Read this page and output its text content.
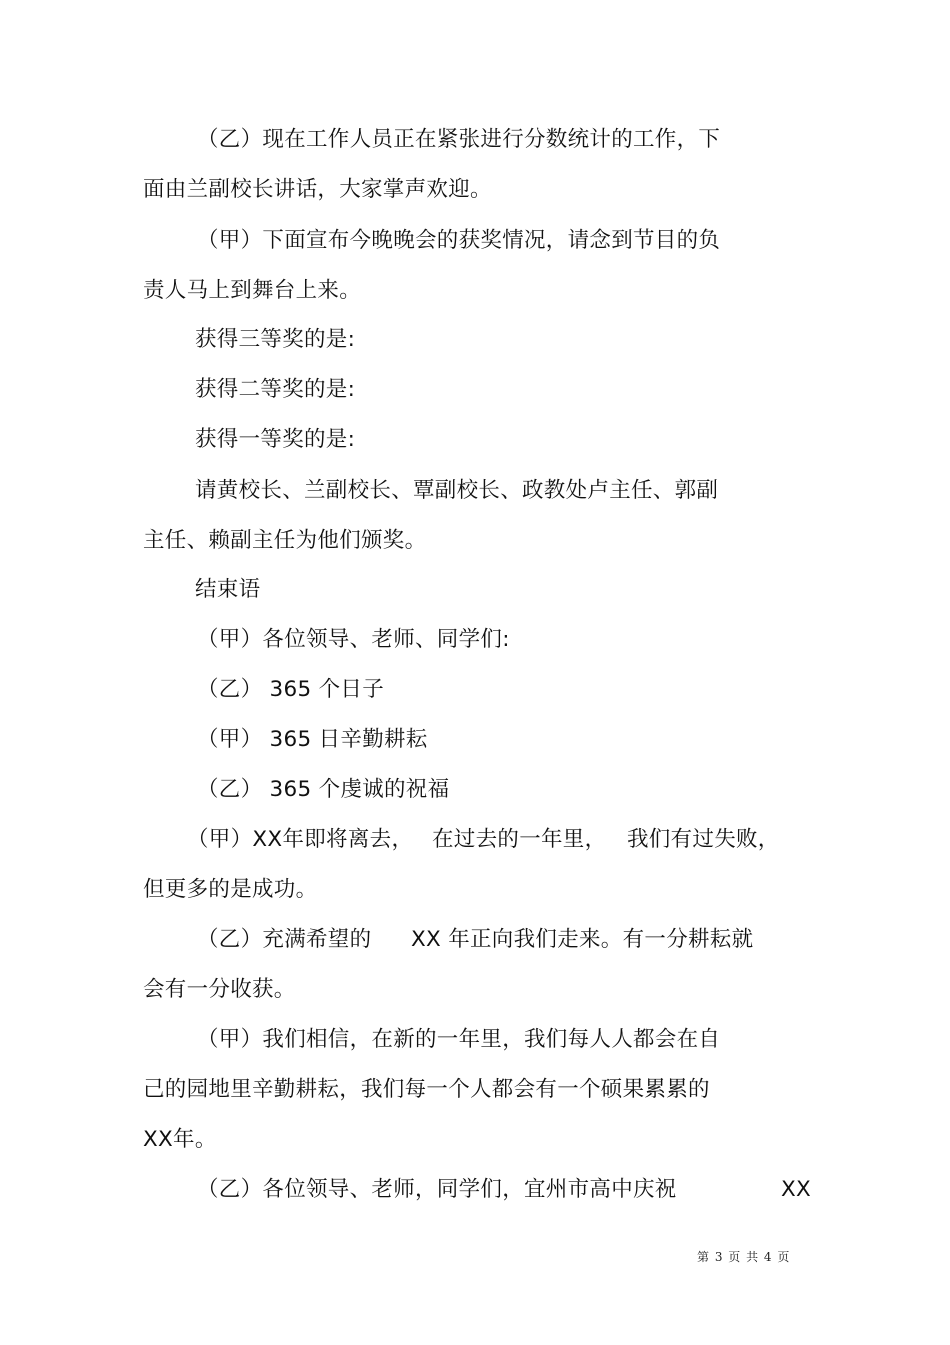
（乙）现在工作人员正在紧张进行分数统计的工作，下
面由兰副校长讲话，大家掌声欢迎。
（甲）下面宣布今晚晚会的获奖情况，请念到节目的负
责人马上到舞台上来。
获得三等奖的是:
获得二等奖的是:
获得一等奖的是:
请黄校长、兰副校长、覃副校长、政教处卢主任、郭副
主任、赖副主任为他们颁奖。
结束语
（甲）各位领导、老师、同学们:
（乙） 365 个日子
（甲） 365 日辛勤耕耘
（乙） 365 个虔诚的祝福
（甲）XX年即将离去， 在过去的一年里， 我们有过失败，
但更多的是成功。
（乙）充满希望的 XX 年正向我们走来。有一分耕耘就
会有一分收获。
（甲）我们相信，在新的一年里，我们每人人都会在自
己的园地里辛勤耕耘，我们每一个人都会有一个硕果累累的
XX年。
（乙）各位领导、老师，同学们，宜州市高中庆祝	XX
第 3 页 共 4 页
